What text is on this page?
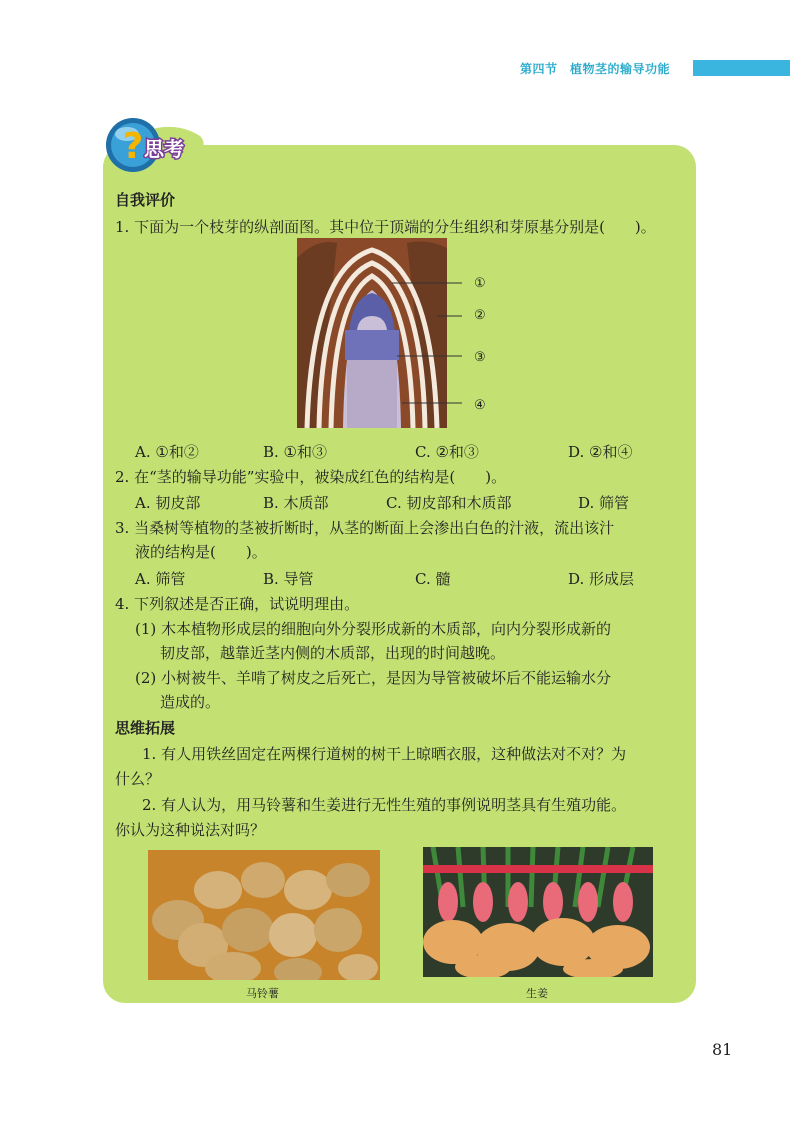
第四节　植物茎的输导功能
? 思考
自我评价
1. 下面为一个枝芽的纵剖面图。其中位于顶端的分生组织和芽原基分别是(　　)。
①
②
③
④
A. ①和②	B. ①和③	C. ②和③	D. ②和④
2. 在“茎的输导功能”实验中，被染成红色的结构是(　　)。
A. 韧皮部	B. 木质部	C. 韧皮部和木质部	D. 筛管
3. 当桑树等植物的茎被折断时，从茎的断面上会渗出白色的汁液，流出该汁
液的结构是(　　)。
A. 筛管	B. 导管	C. 髓	D. 形成层
4. 下列叙述是否正确，试说明理由。
(1) 木本植物形成层的细胞向外分裂形成新的木质部，向内分裂形成新的
韧皮部，越靠近茎内侧的木质部，出现的时间越晚。
(2) 小树被牛、羊啃了树皮之后死亡，是因为导管被破坏后不能运输水分
造成的。
思维拓展
1. 有人用铁丝固定在两棵行道树的树干上晾晒衣服，这种做法对不对？为
什么？
2. 有人认为，用马铃薯和生姜进行无性生殖的事例说明茎具有生殖功能。
你认为这种说法对吗？
马铃薯	生姜
81
